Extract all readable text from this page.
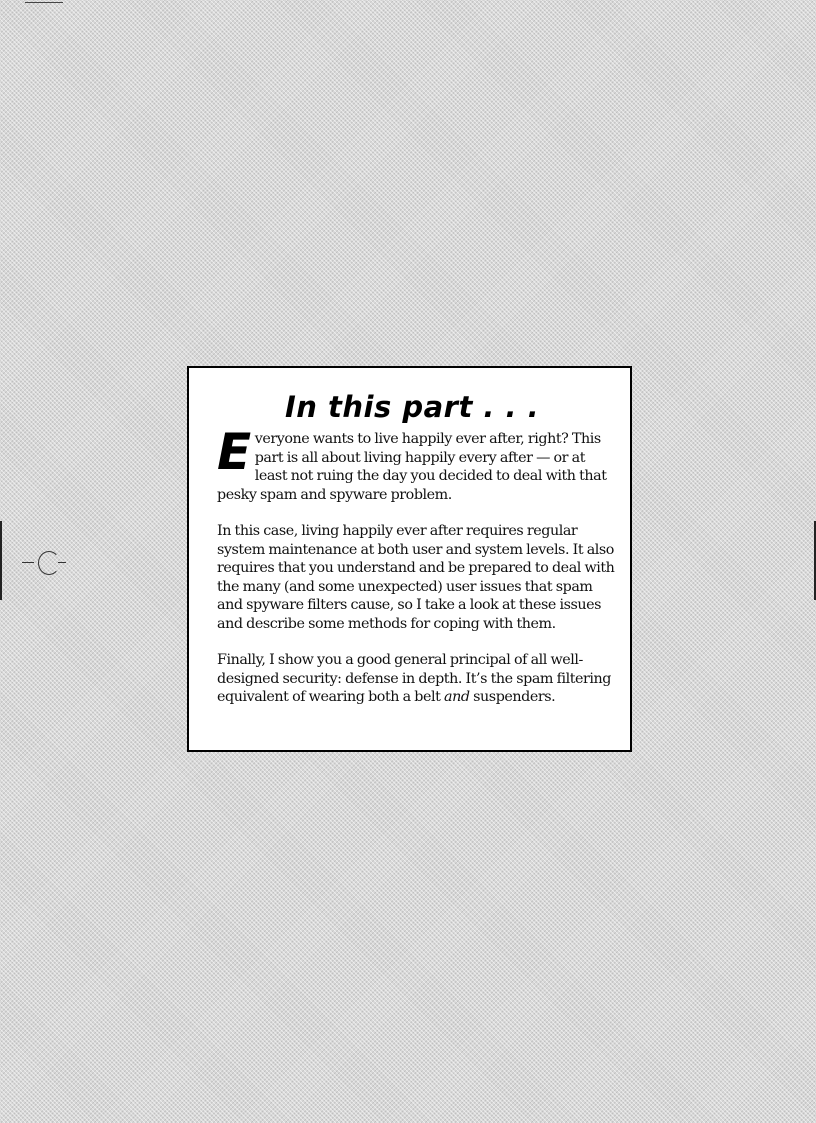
In this part . . .

Everyone wants to live happily ever after, right? This part is all about living happily every after — or at least not ruing the day you decided to deal with that pesky spam and spyware problem.

In this case, living happily ever after requires regular system maintenance at both user and system levels. It also requires that you understand and be prepared to deal with the many (and some unexpected) user issues that spam and spyware filters cause, so I take a look at these issues and describe some methods for coping with them.

Finally, I show you a good general principal of all well-designed security: defense in depth. It’s the spam filtering equivalent of wearing both a belt and suspenders.
